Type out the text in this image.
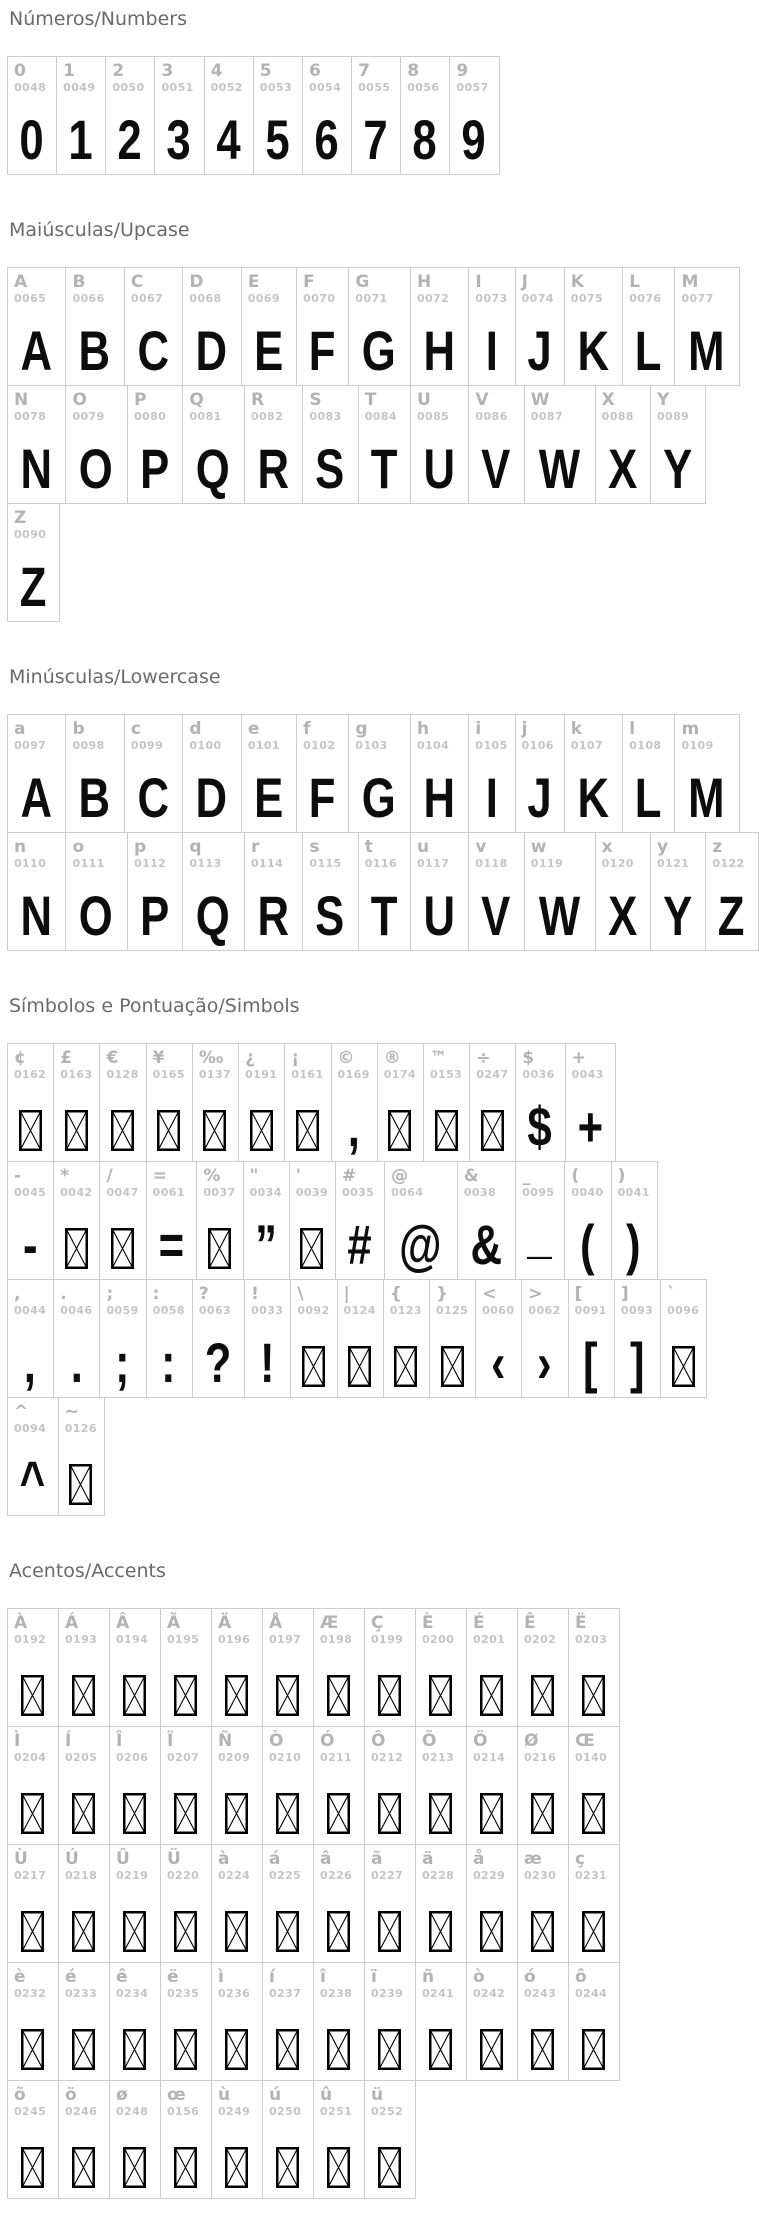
Números/Numbers
0
0048
0
1
0049
1
2
0050
2
3
0051
3
4
0052
4
5
0053
5
6
0054
6
7
0055
7
8
0056
8
9
0057
9
Maiúsculas/Upcase
A
0065
A
B
0066
B
C
0067
C
D
0068
D
E
0069
E
F
0070
F
G
0071
G
H
0072
H
I
0073
I
J
0074
J
K
0075
K
L
0076
L
M
0077
M
N
0078
N
O
0079
O
P
0080
P
Q
0081
Q
R
0082
R
S
0083
S
T
0084
T
U
0085
U
V
0086
V
W
0087
W
X
0088
X
Y
0089
Y
Z
0090
Z
Minúsculas/Lowercase
a
0097
A
b
0098
B
c
0099
C
d
0100
D
e
0101
E
f
0102
F
g
0103
G
h
0104
H
i
0105
I
j
0106
J
k
0107
K
l
0108
L
m
0109
M
n
0110
N
o
0111
O
p
0112
P
q
0113
Q
r
0114
R
s
0115
S
t
0116
T
u
0117
U
v
0118
V
w
0119
W
x
0120
X
y
0121
Y
z
0122
Z
Símbolos e Pontuação/Simbols
¢
0162
£
0163
€
0128
¥
0165
‰
0137
¿
0191
¡
0161
©
0169
,
®
0174
™
0153
÷
0247
$
0036
$
+
0043
+
-
0045
-
*
0042
/
0047
=
0061
=
%
0037
"
0034
”
'
0039
#
0035
#
@
0064
@
&
0038
&
_
0095
_
(
0040
(
)
0041
)
,
0044
,
.
0046
.
;
0059
;
:
0058
:
?
0063
?
!
0033
!
\
0092
|
0124
{
0123
}
0125
<
0060
‹
>
0062
›
[
0091
[
]
0093
]
`
0096
^
0094
^
~
0126
Acentos/Accents
À
0192
Á
0193
Â
0194
Ã
0195
Ä
0196
Å
0197
Æ
0198
Ç
0199
È
0200
É
0201
Ê
0202
Ë
0203
Ì
0204
Í
0205
Î
0206
Ï
0207
Ñ
0209
Ò
0210
Ó
0211
Ô
0212
Õ
0213
Ö
0214
Ø
0216
Œ
0140
Ù
0217
Ú
0218
Û
0219
Ü
0220
à
0224
á
0225
â
0226
ã
0227
ä
0228
å
0229
æ
0230
ç
0231
è
0232
é
0233
ê
0234
ë
0235
ì
0236
í
0237
î
0238
ï
0239
ñ
0241
ò
0242
ó
0243
ô
0244
õ
0245
ö
0246
ø
0248
œ
0156
ù
0249
ú
0250
û
0251
ü
0252
